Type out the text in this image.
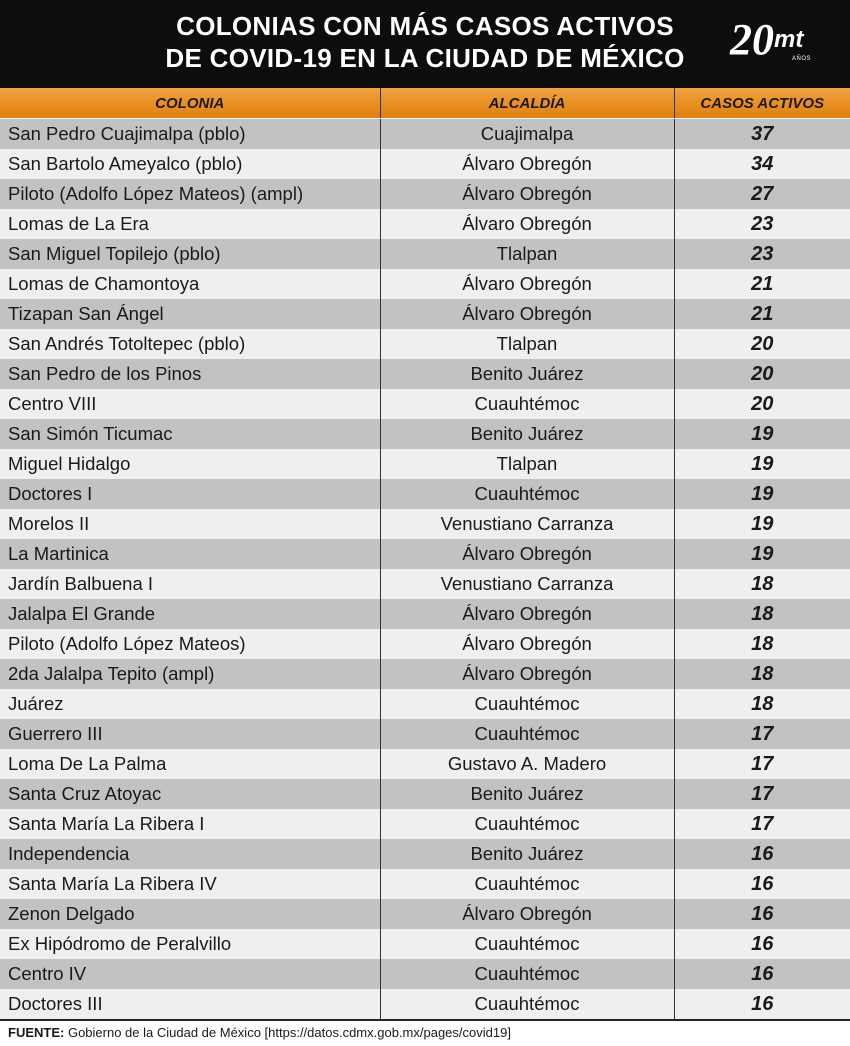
COLONIAS CON MÁS CASOS ACTIVOS
DE COVID-19 EN LA CIUDAD DE MÉXICO	20 mt
AÑOS
COLONIA	ALCALDÍA	CASOS ACTIVOS
San Pedro Cuajimalpa (pblo)	Cuajimalpa	37
San Bartolo Ameyalco (pblo)	Álvaro Obregón	34
Piloto (Adolfo López Mateos) (ampl)	Álvaro Obregón	27
Lomas de La Era	Álvaro Obregón	23
San Miguel Topilejo (pblo)	Tlalpan	23
Lomas de Chamontoya	Álvaro Obregón	21
Tizapan San Ángel	Álvaro Obregón	21
San Andrés Totoltepec (pblo)	Tlalpan	20
San Pedro de los Pinos	Benito Juárez	20
Centro VIII	Cuauhtémoc	20
San Simón Ticumac	Benito Juárez	19
Miguel Hidalgo	Tlalpan	19
Doctores I	Cuauhtémoc	19
Morelos II	Venustiano Carranza	19
La Martinica	Álvaro Obregón	19
Jardín Balbuena I	Venustiano Carranza	18
Jalalpa El Grande	Álvaro Obregón	18
Piloto (Adolfo López Mateos)	Álvaro Obregón	18
2da Jalalpa Tepito (ampl)	Álvaro Obregón	18
Juárez	Cuauhtémoc	18
Guerrero III	Cuauhtémoc	17
Loma De La Palma	Gustavo A. Madero	17
Santa Cruz Atoyac	Benito Juárez	17
Santa María La Ribera I	Cuauhtémoc	17
Independencia	Benito Juárez	16
Santa María La Ribera IV	Cuauhtémoc	16
Zenon Delgado	Álvaro Obregón	16
Ex Hipódromo de Peralvillo	Cuauhtémoc	16
Centro IV	Cuauhtémoc	16
Doctores III	Cuauhtémoc	16
FUENTE: Gobierno de la Ciudad de México [https://datos.cdmx.gob.mx/pages/covid19]
